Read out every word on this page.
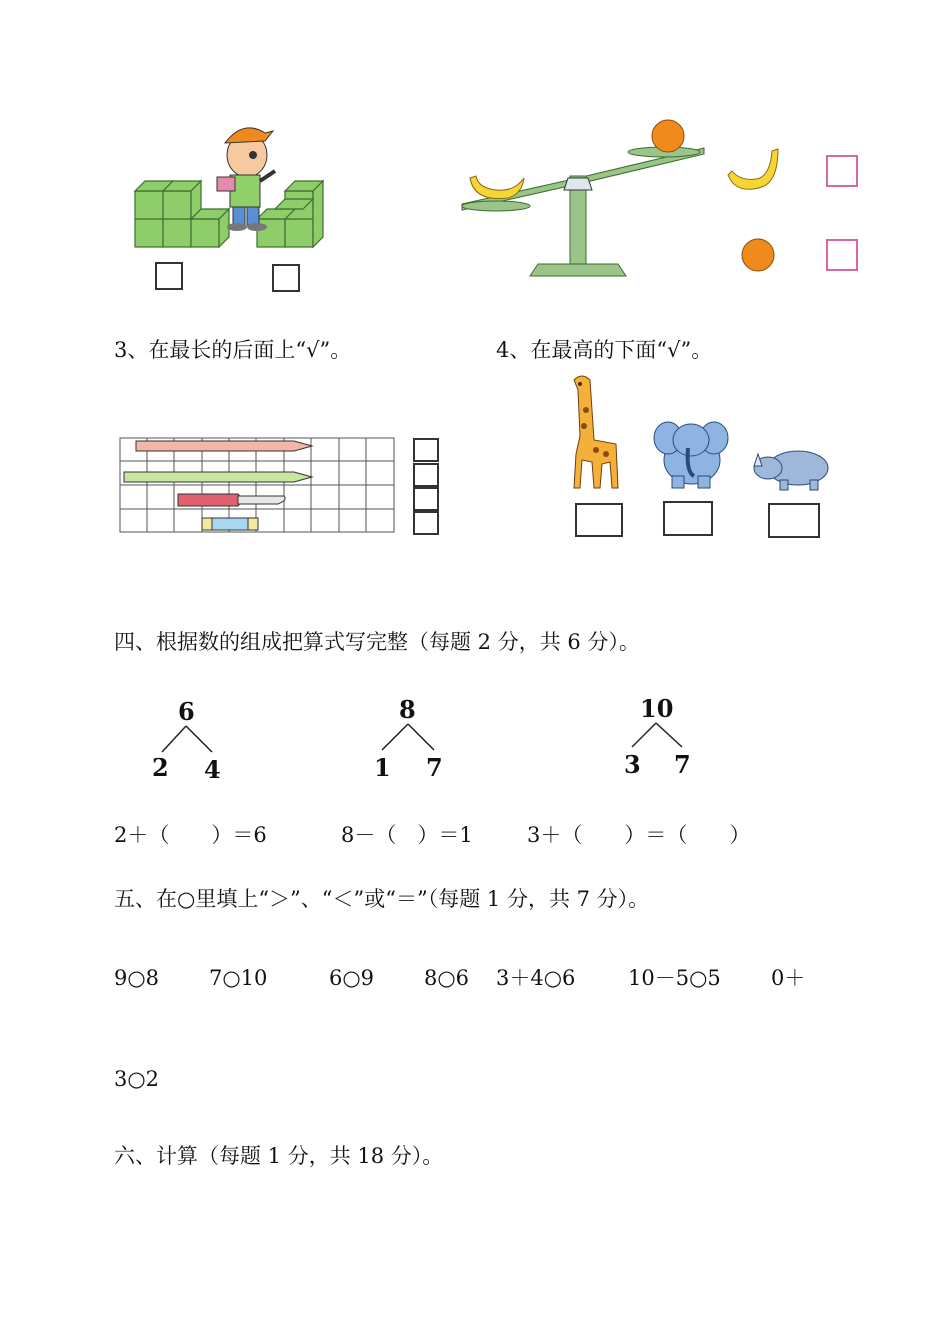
3、在最长的后面上“√”。	4、在最高的下面“√”。
四、根据数的组成把算式写完整（每题 2 分，共 6 分）。
6
2 4
8
1 7
10
3 7
2＋（　　）＝6	8－（　）＝1	3＋（　　）＝（　　）
五、在○里填上“＞”、“＜”或“＝”（每题 1 分，共 7 分）。
9○8 7○10	6○9 8○6 3＋4○6	10－5○5 0＋
3○2
六、计算（每题 1 分，共 18 分）。
